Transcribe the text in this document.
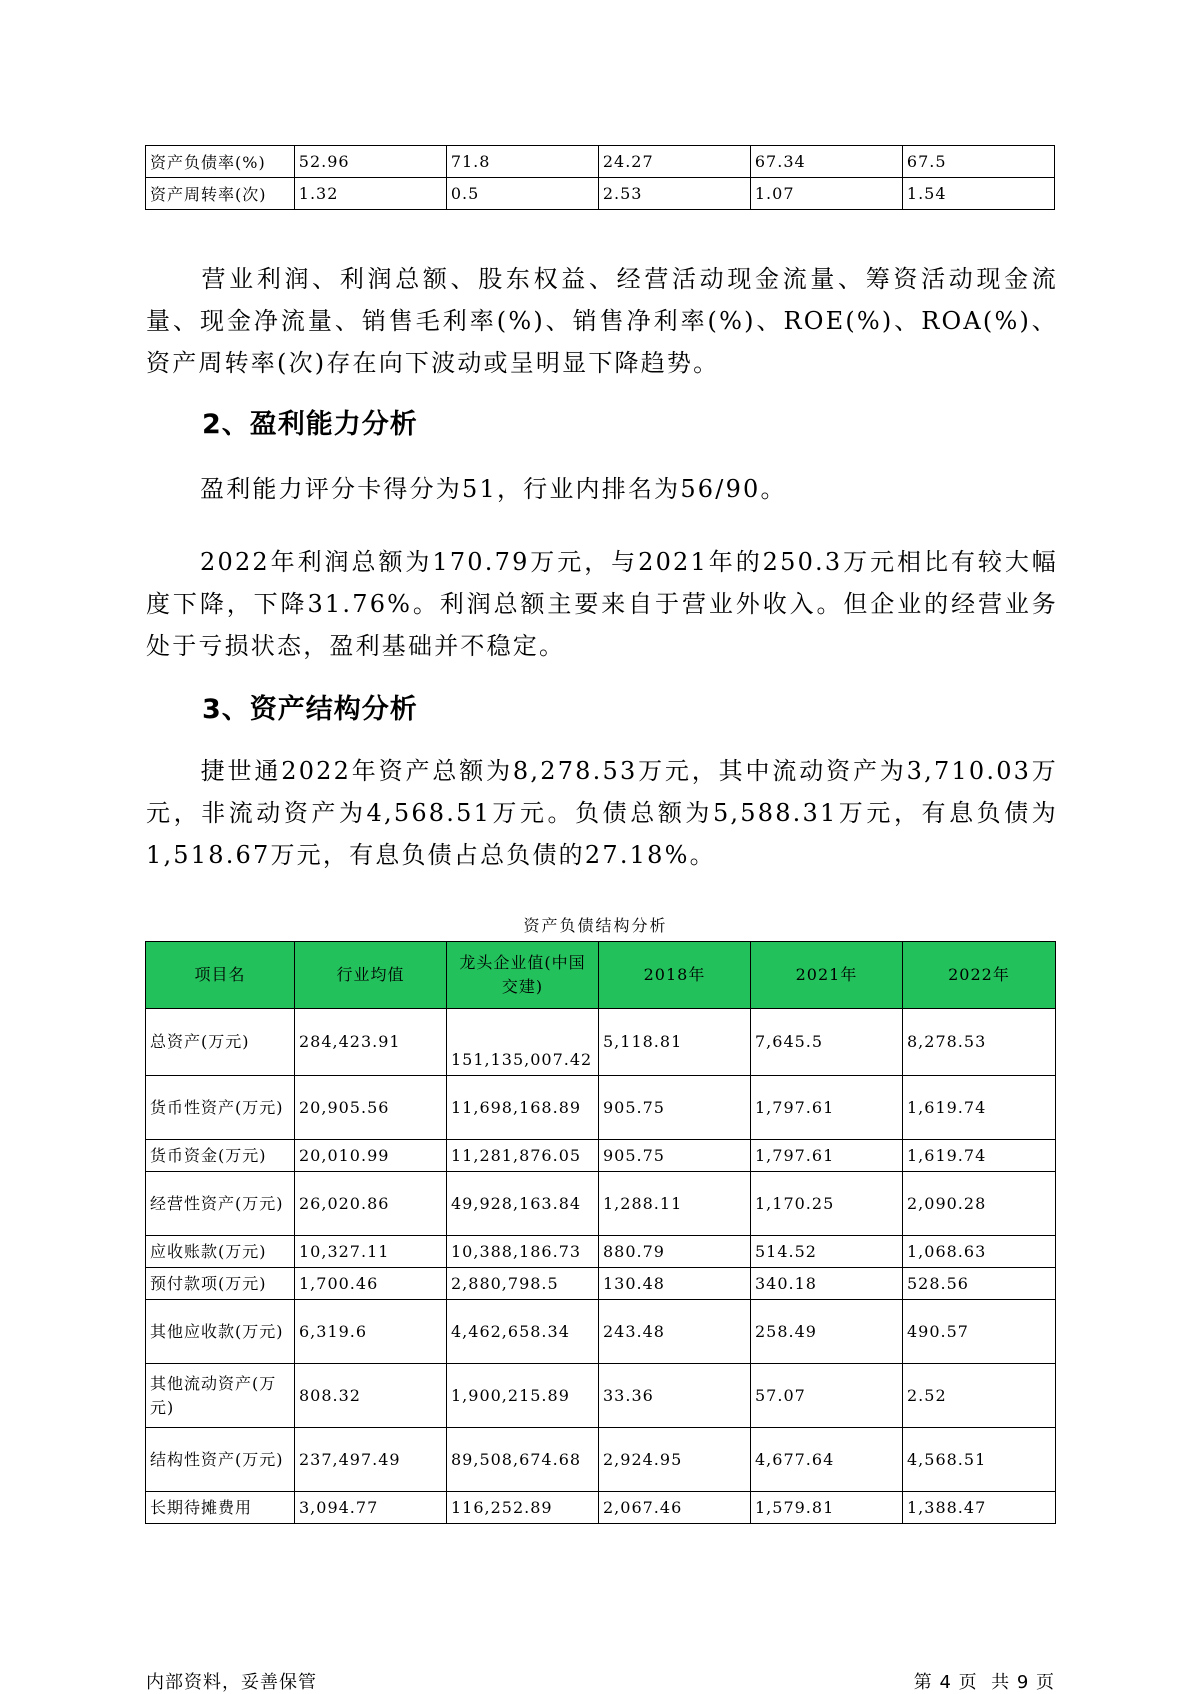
资产负债率(%)	52.96	71.8	24.27	67.34	67.5
资产周转率(次)	1.32	0.5	2.53	1.07	1.54

营业利润、利润总额、股东权益、经营活动现金流量、筹资活动现金流量、现金净流量、销售毛利率(%)、销售净利率(%)、ROE(%)、ROA(%)、资产周转率(次)存在向下波动或呈明显下降趋势。

2、盈利能力分析

盈利能力评分卡得分为51，行业内排名为56/90。

2022年利润总额为170.79万元，与2021年的250.3万元相比有较大幅度下降，下降31.76%。利润总额主要来自于营业外收入。但企业的经营业务处于亏损状态，盈利基础并不稳定。

3、资产结构分析

捷世通2022年资产总额为8,278.53万元，其中流动资产为3,710.03万元，非流动资产为4,568.51万元。负债总额为5,588.31万元，有息负债为1,518.67万元，有息负债占总负债的27.18%。

资产负债结构分析
项目名	行业均值	龙头企业值(中国交建)	2018年	2021年	2022年
总资产(万元)	284,423.91	151,135,007.42	5,118.81	7,645.5	8,278.53
货币性资产(万元)	20,905.56	11,698,168.89	905.75	1,797.61	1,619.74
货币资金(万元)	20,010.99	11,281,876.05	905.75	1,797.61	1,619.74
经营性资产(万元)	26,020.86	49,928,163.84	1,288.11	1,170.25	2,090.28
应收账款(万元)	10,327.11	10,388,186.73	880.79	514.52	1,068.63
预付款项(万元)	1,700.46	2,880,798.5	130.48	340.18	528.56
其他应收款(万元)	6,319.6	4,462,658.34	243.48	258.49	490.57
其他流动资产(万元)	808.32	1,900,215.89	33.36	57.07	2.52
结构性资产(万元)	237,497.49	89,508,674.68	2,924.95	4,677.64	4,568.51
长期待摊费用	3,094.77	116,252.89	2,067.46	1,579.81	1,388.47
内部资料，妥善保管	第 4 页  共 9 页
